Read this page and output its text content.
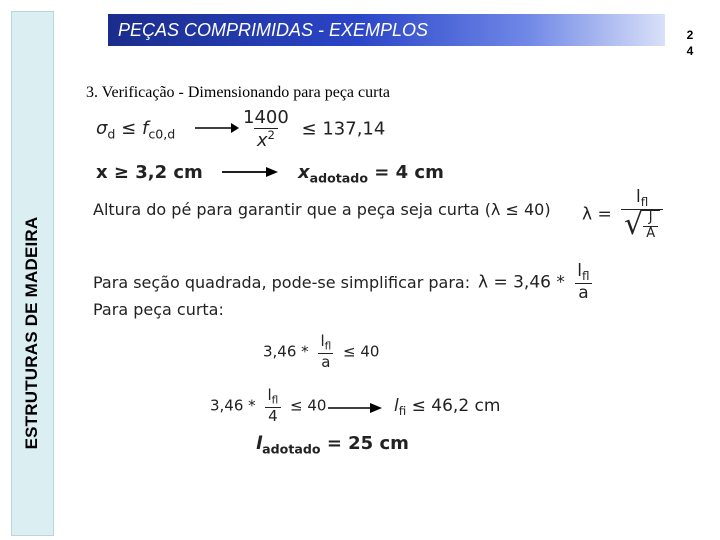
ESTRUTURAS DE MADEIRA
PEÇAS COMPRIMIDAS - EXEMPLOS	2
4
3. Verificação - Dimensionando para peça curta
$\sigma_d \le f_{c0,d}$	$\frac{1400}{x^2} \le 137,14$
x ≥ 3,2 cm	$x_{adotado} = 4$ cm
Altura do pé para garantir que a peça seja curta (λ ≤ 40) $\lambda = \frac{l_{fl}}{√ \frac{J}{A}}$
Para seção quadrada, pode-se simplificar para: $\lambda = 3,46 * \frac{l_{fl}}{a}$
Para peça curta:
$3,46 * \frac{l_{fl}}{a} \le 40$
$3,46 * \frac{l_{fl}}{4} \le 40$	$l_{fi} \le 46,2$ cm
$l_{adotado} = 25$ cm
